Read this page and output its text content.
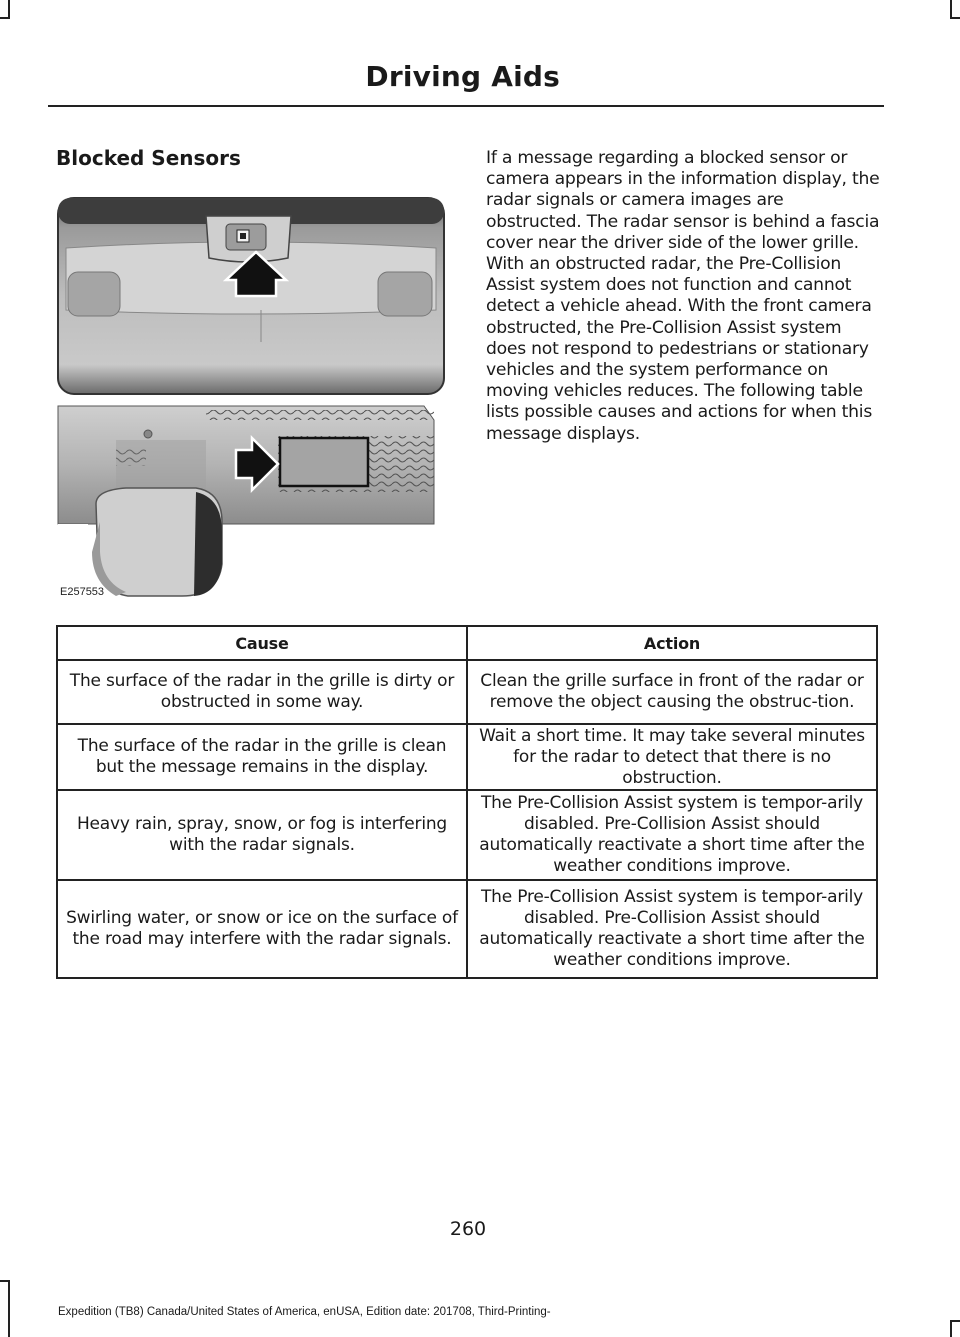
Driving Aids
Blocked Sensors	If a message regarding a blocked sensor or camera appears in the information display, the radar signals or camera images are obstructed. The radar sensor is behind a fascia cover near the driver side of the lower grille. With an obstructed radar, the Pre-Collision Assist system does not function and cannot detect a vehicle ahead. With the front camera obstructed, the Pre-Collision Assist system does not respond to pedestrians or stationary vehicles and the system performance on moving vehicles reduces. The following table lists possible causes and actions for when this message displays.
E257553
Cause	Action
The surface of the radar in the grille is dirty or obstructed in some way.	Clean the grille surface in front of the radar or remove the object causing the obstruc-tion.
The surface of the radar in the grille is clean but the message remains in the display.	Wait a short time. It may take several minutes for the radar to detect that there is no obstruction.
Heavy rain, spray, snow, or fog is interfering with the radar signals.	The Pre-Collision Assist system is tempor-arily disabled. Pre-Collision Assist should automatically reactivate a short time after the weather conditions improve.
Swirling water, or snow or ice on the surface of the road may interfere with the radar signals.	The Pre-Collision Assist system is tempor-arily disabled. Pre-Collision Assist should automatically reactivate a short time after the weather conditions improve.
260
Expedition (TB8) Canada/United States of America, enUSA, Edition date: 201708, Third-Printing-
